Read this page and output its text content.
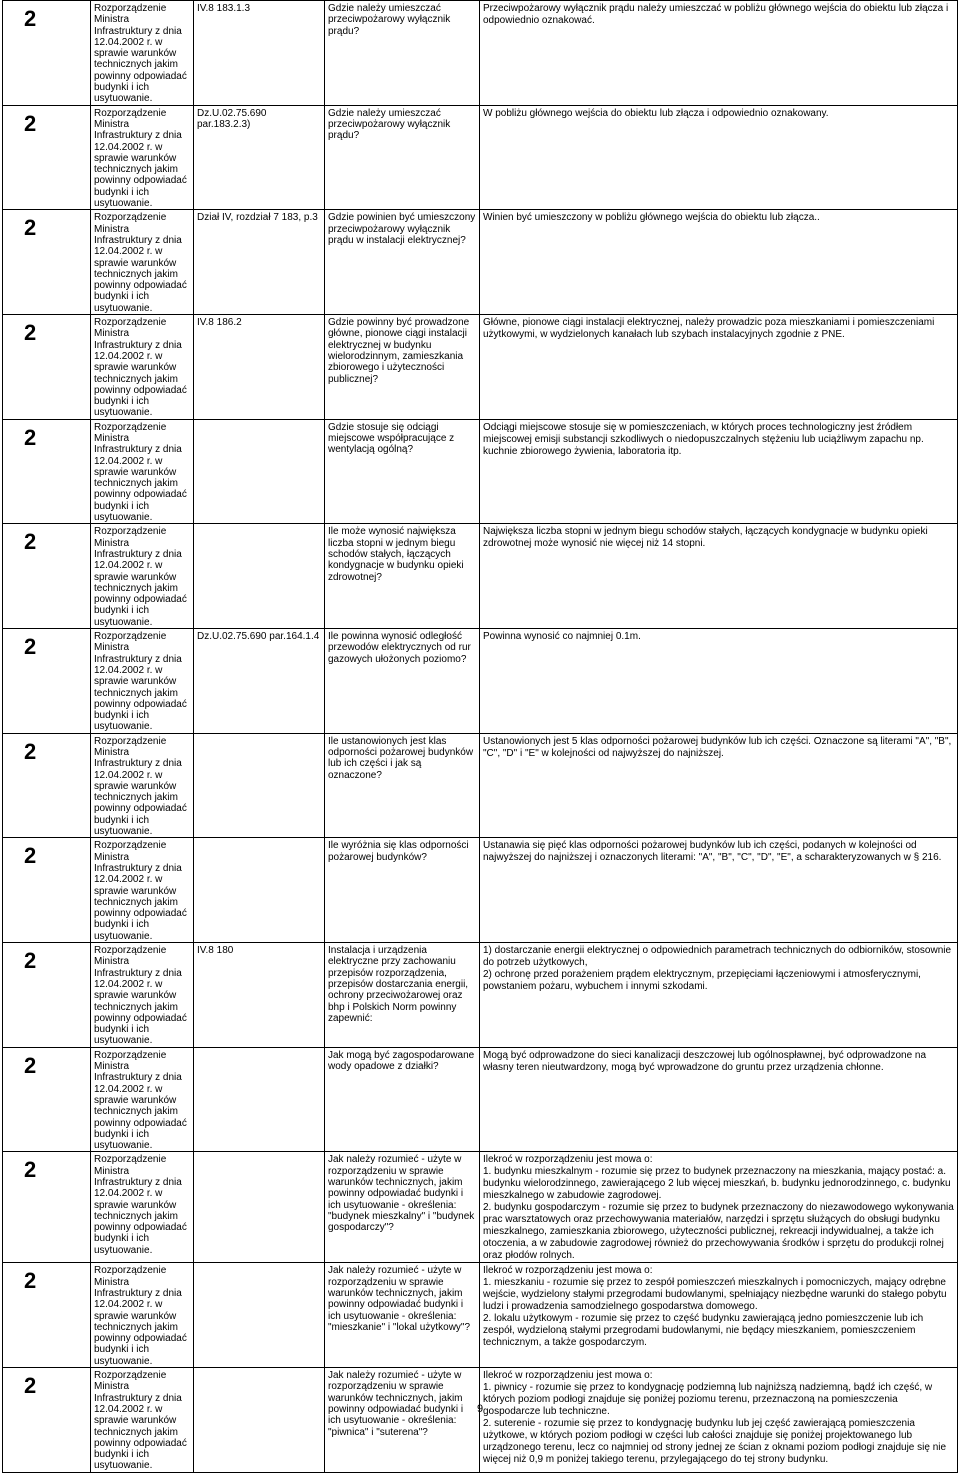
2	Rozporządzenie Ministra Infrastruktury z dnia 12.04.2002 r. w sprawie warunków technicznych jakim powinny odpowiadać budynki i ich usytuowanie.	IV.8 183.1.3	Gdzie należy umieszczać przeciwpożarowy wyłącznik prądu?	Przeciwpożarowy wyłącznik prądu należy umieszczać w pobliżu głównego wejścia do obiektu lub złącza i odpowiednio oznakować.

2	Rozporządzenie Ministra Infrastruktury z dnia 12.04.2002 r. w sprawie warunków technicznych jakim powinny odpowiadać budynki i ich usytuowanie.	Dz.U.02.75.690 par.183.2.3)	Gdzie należy umieszczać przeciwpożarowy wyłącznik prądu?	W pobliżu głównego wejścia do obiektu lub złącza i odpowiednio oznakowany.

2	Rozporządzenie Ministra Infrastruktury z dnia 12.04.2002 r. w sprawie warunków technicznych jakim powinny odpowiadać budynki i ich usytuowanie.	Dział IV, rozdział 7 183, p.3	Gdzie powinien być umieszczony przeciwpożarowy wyłącznik prądu w instalacji elektrycznej?	Winien być umieszczony w pobliżu głównego wejścia do obiektu lub złącza..

2	Rozporządzenie Ministra Infrastruktury z dnia 12.04.2002 r. w sprawie warunków technicznych jakim powinny odpowiadać budynki i ich usytuowanie.	IV.8 186.2	Gdzie powinny być prowadzone główne, pionowe ciągi instalacji elektrycznej w budynku wielorodzinnym, zamieszkania zbiorowego i użyteczności publicznej?	Główne, pionowe ciągi instalacji elektrycznej, należy prowadzic poza mieszkaniami i pomieszczeniami użytkowymi, w wydzielonych kanałach lub szybach instalacyjnych zgodnie z PNE.

2	Rozporządzenie Ministra Infrastruktury z dnia 12.04.2002 r. w sprawie warunków technicznych jakim powinny odpowiadać budynki i ich usytuowanie.		Gdzie stosuje się odciągi miejscowe współpracujące z wentylacją ogólną?	Odciągi miejscowe stosuje się w pomieszczeniach, w których proces technologiczny jest źródłem miejscowej emisji substancji szkodliwych o niedopuszczalnych stężeniu lub uciążliwym zapachu np. kuchnie zbiorowego żywienia, laboratoria itp.

2	Rozporządzenie Ministra Infrastruktury z dnia 12.04.2002 r. w sprawie warunków technicznych jakim powinny odpowiadać budynki i ich usytuowanie.		Ile może wynosić największa liczba stopni w jednym biegu schodów stałych, łączących kondygnacje w budynku opieki zdrowotnej?	Największa liczba stopni w jednym biegu schodów stałych, łączących kondygnacje w budynku opieki zdrowotnej może wynosić nie więcej niż 14 stopni.

2	Rozporządzenie Ministra Infrastruktury z dnia 12.04.2002 r. w sprawie warunków technicznych jakim powinny odpowiadać budynki i ich usytuowanie.	Dz.U.02.75.690 par.164.1.4	Ile powinna wynosić odległość przewodów elektrycznych od rur gazowych ułożonych poziomo?	Powinna wynosić co najmniej 0.1m.

2	Rozporządzenie Ministra Infrastruktury z dnia 12.04.2002 r. w sprawie warunków technicznych jakim powinny odpowiadać budynki i ich usytuowanie.		Ile ustanowionych jest klas odporności pożarowej budynków lub ich części i jak są oznaczone?	Ustanowionych jest 5 klas odporności pożarowej budynków lub ich części. Oznaczone są literami "A", "B", "C", "D" i "E" w kolejności od najwyższej do najniższej.

2	Rozporządzenie Ministra Infrastruktury z dnia 12.04.2002 r. w sprawie warunków technicznych jakim powinny odpowiadać budynki i ich usytuowanie.		Ile wyróżnia się klas odporności pożarowej budynków?	Ustanawia się pięć klas odporności pożarowej budynków lub ich części, podanych w kolejności od najwyższej do najniższej i oznaczonych literami: "A", "B", "C", "D", "E", a scharakteryzowanych w § 216.

2	Rozporządzenie Ministra Infrastruktury z dnia 12.04.2002 r. w sprawie warunków technicznych jakim powinny odpowiadać budynki i ich usytuowanie.	IV.8 180	Instalacja i urządzenia elektryczne przy zachowaniu przepisów rozporządzenia, przepisów dostarczania energii, ochrony przeciwożarowej oraz bhp i Polskich Norm powinny zapewnić:	1) dostarczanie energii elektrycznej o odpowiednich parametrach technicznych do odbiorników, stosownie do potrzeb użytkowych,
2) ochronę przed porażeniem prądem elektrycznym, przepięciami łączeniowymi i atmosferycznymi, powstaniem pożaru, wybuchem i innymi szkodami.

2	Rozporządzenie Ministra Infrastruktury z dnia 12.04.2002 r. w sprawie warunków technicznych jakim powinny odpowiadać budynki i ich usytuowanie.		Jak mogą być zagospodarowane wody opadowe z działki?	Mogą być odprowadzone do sieci kanalizacji deszczowej lub ogólnospławnej, być odprowadzone na własny teren nieutwardzony, mogą być wprowadzone do gruntu przez urządzenia chłonne.

2	Rozporządzenie Ministra Infrastruktury z dnia 12.04.2002 r. w sprawie warunków technicznych jakim powinny odpowiadać budynki i ich usytuowanie.		Jak należy rozumieć - użyte w rozporządzeniu w sprawie warunków technicznych, jakim powinny odpowiadać budynki i ich usytuowanie - określenia: "budynek mieszkalny" i "budynek gospodarczy"?	Ilekroć w rozporządzeniu jest mowa o:
1. budynku mieszkalnym - rozumie się przez to budynek przeznaczony na mieszkania, mający postać: a. budynku wielorodzinnego, zawierającego 2 lub więcej mieszkań, b. budynku jednorodzinnego, c. budynku mieszkalnego w zabudowie zagrodowej.
2. budynku gospodarczym - rozumie się przez to budynek przeznaczony do niezawodowego wykonywania prac warsztatowych oraz przechowywania materiałów, narzędzi i sprzętu służących do obsługi budynku mieszkalnego, zamieszkania zbiorowego, użyteczności publicznej, rekreacji indywidualnej, a także ich otoczenia, a w zabudowie zagrodowej również do przechowywania środków i sprzętu do produkcji rolnej oraz płodów rolnych.

2	Rozporządzenie Ministra Infrastruktury z dnia 12.04.2002 r. w sprawie warunków technicznych jakim powinny odpowiadać budynki i ich usytuowanie.		Jak należy rozumieć - użyte w rozporządzeniu w sprawie warunków technicznych, jakim powinny odpowiadać budynki i ich usytuowanie - określenia: "mieszkanie" i "lokal użytkowy"?	Ilekroć w rozporządzeniu jest mowa o:
1. mieszkaniu - rozumie się przez to zespół pomieszczeń mieszkalnych i pomocniczych, mający odrębne wejście, wydzielony stałymi przegrodami budowlanymi, spełniający niezbędne warunki do stałego pobytu ludzi i prowadzenia samodzielnego gospodarstwa domowego.
2. lokalu użytkowym - rozumie się przez to część budynku zawierającą jedno pomieszczenie lub ich zespół, wydzieloną stałymi przegrodami budowlanymi, nie będący mieszkaniem, pomieszczeniem technicznym, a także gospodarczym.

2	Rozporządzenie Ministra Infrastruktury z dnia 12.04.2002 r. w sprawie warunków technicznych jakim powinny odpowiadać budynki i ich usytuowanie.		Jak należy rozumieć - użyte w rozporządzeniu w sprawie warunków technicznych, jakim powinny odpowiadać budynki i ich usytuowanie - określenia: "piwnica" i "suterena"?	Ilekroć w rozporządzeniu jest mowa o:
1. piwnicy - rozumie się przez to kondygnację podziemną lub najniższą nadziemną, bądź ich część, w których poziom podłogi znajduje się poniżej poziomu terenu, przeznaczoną na pomieszczenia gospodarcze lub techniczne.
2. suterenie - rozumie się przez to kondygnację budynku lub jej część zawierającą pomieszczenia użytkowe, w których poziom podłogi w części lub całości znajduje się poniżej projektowanego lub urządzonego terenu, lecz co najmniej od strony jednej ze ścian z oknami poziom podłogi znajduje się nie więcej niż 0,9 m poniżej takiego terenu, przylegającego do tej strony budynku.
9
